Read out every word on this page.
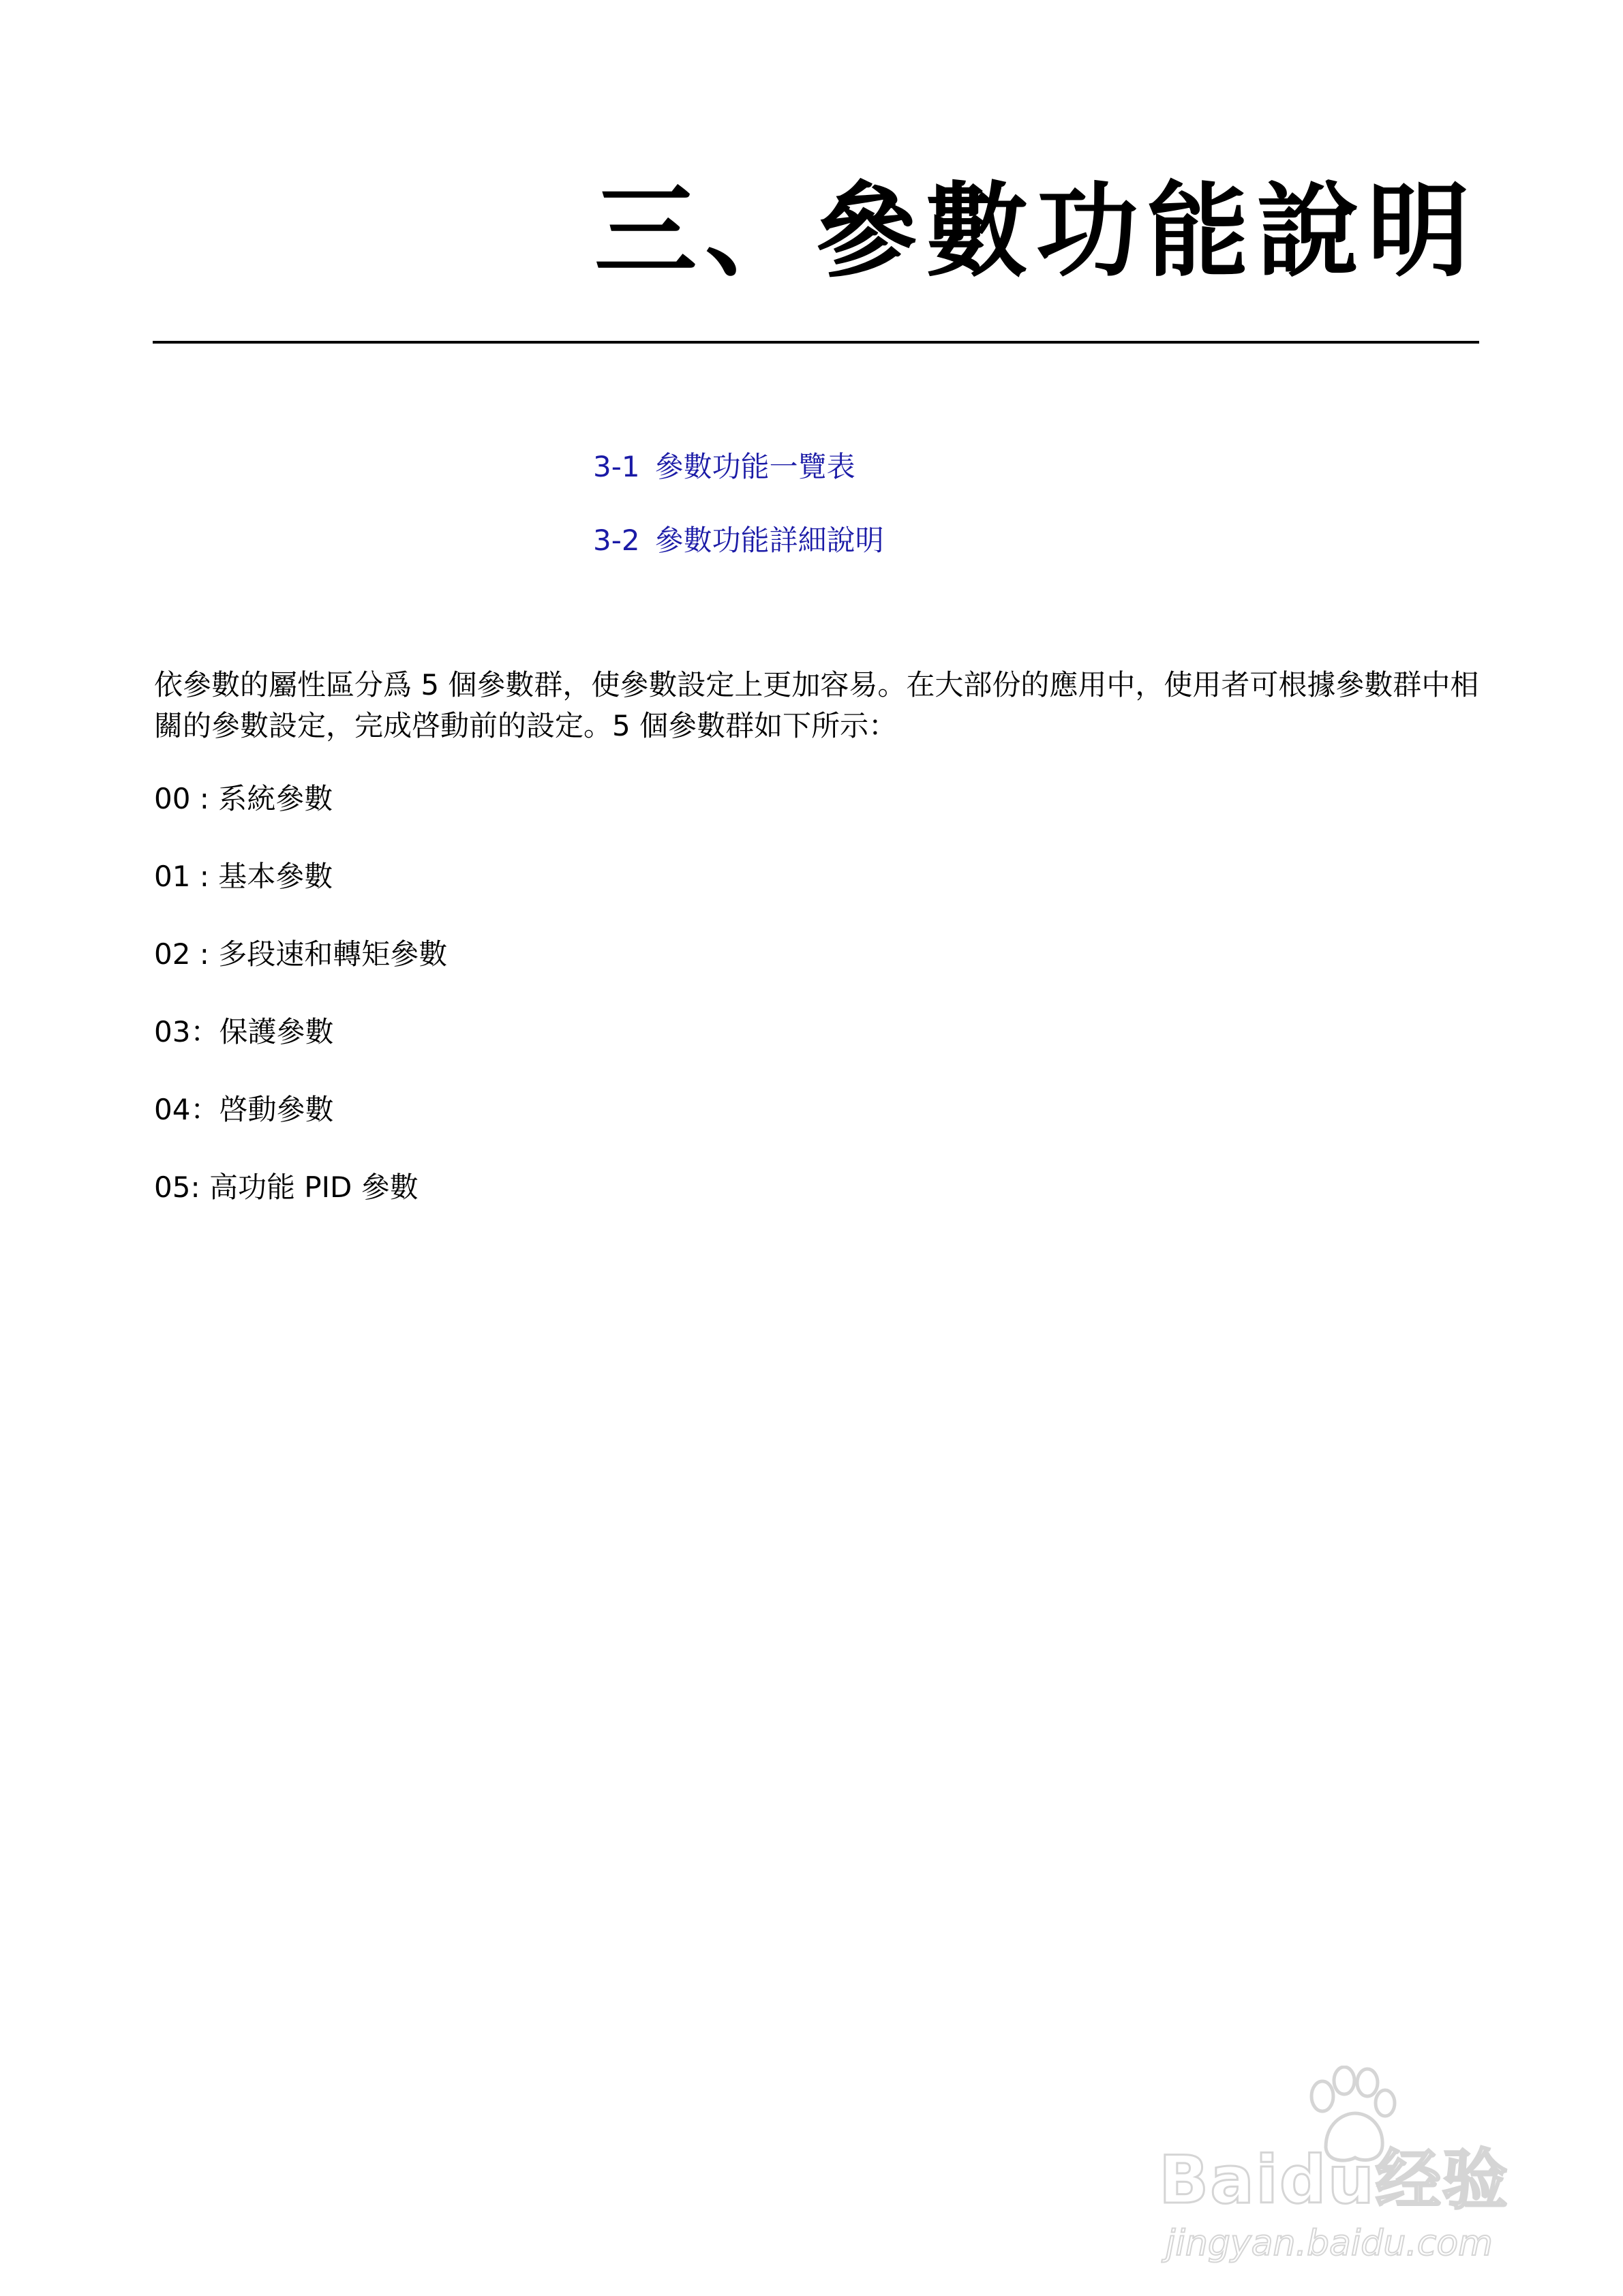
三、參數功能說明
3-1 參數功能一覽表
3-2 參數功能詳細說明

依參數的屬性區分爲 5 個參數群，使參數設定上更加容易。在大部份的應用中，使用者可根據參數群中相關的參數設定，完成啓動前的設定。5 個參數群如下所示：

00 : 系統參數
01 : 基本參數
02 : 多段速和轉矩參數
03：保護參數
04：啓動參數
05: 高功能 PID 參數
Baidu经验
jingyan.baidu.com
